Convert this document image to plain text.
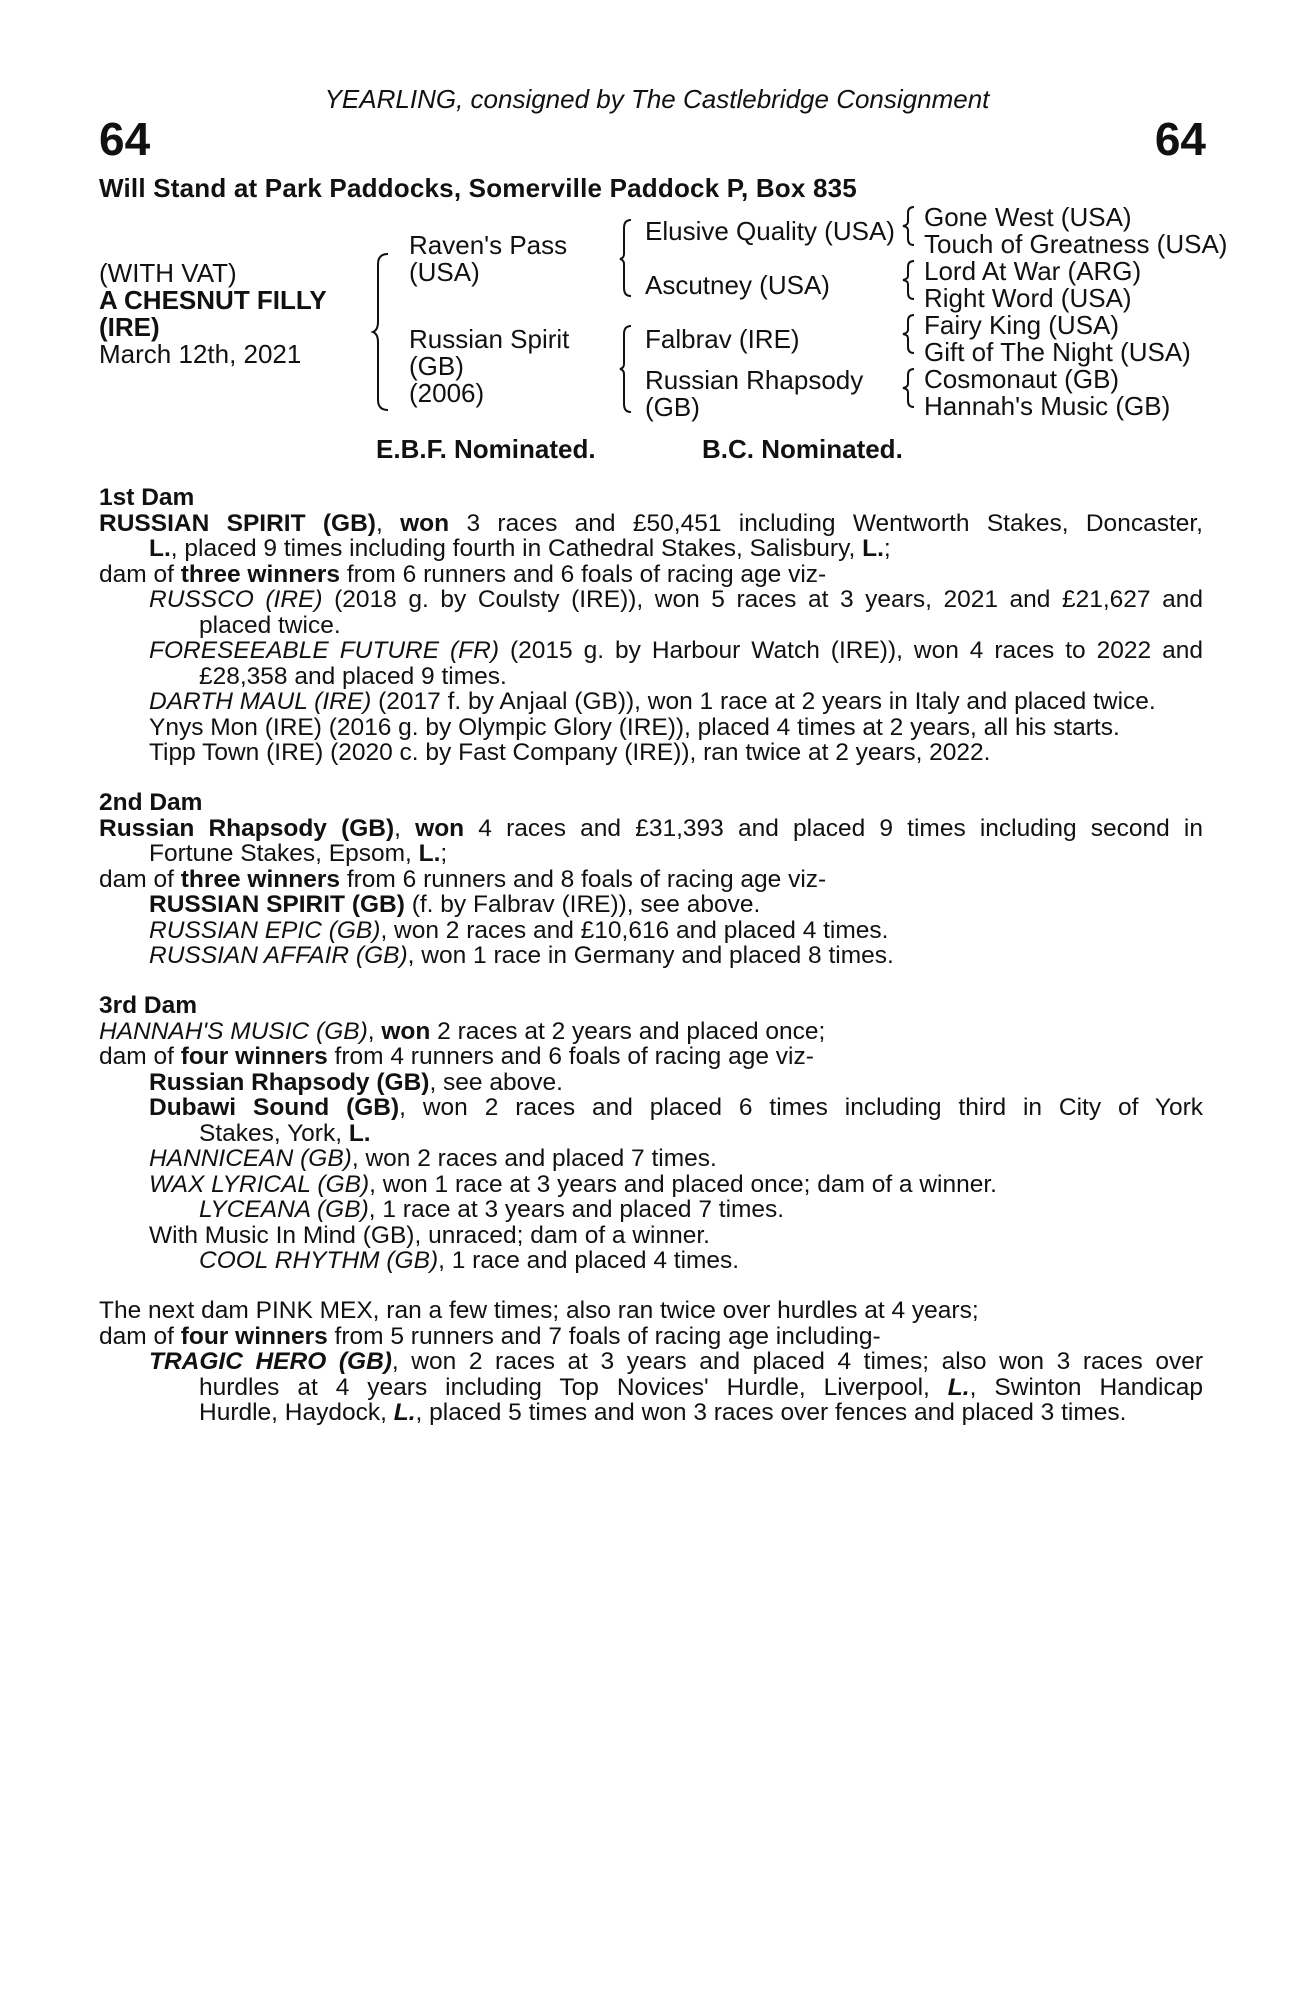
YEARLING, consigned by The Castlebridge Consignment
64	64
Will Stand at Park Paddocks, Somerville Paddock P, Box 835
(WITH VAT)
A CHESNUT FILLY
(IRE)
March 12th, 2021
Raven's Pass
(USA)
Russian Spirit
(GB)
(2006)
Elusive Quality (USA)
Ascutney (USA)
Falbrav (IRE)
Russian Rhapsody
(GB)
Gone West (USA)
Touch of Greatness (USA)
Lord At War (ARG)
Right Word (USA)
Fairy King (USA)
Gift of The Night (USA)
Cosmonaut (GB)
Hannah's Music (GB)
E.B.F. Nominated.	B.C. Nominated.
1st Dam
RUSSIAN SPIRIT (GB), won 3 races and £50,451 including Wentworth Stakes, Doncaster,
L., placed 9 times including fourth in Cathedral Stakes, Salisbury, L.;
dam of three winners from 6 runners and 6 foals of racing age viz-
RUSSCO (IRE) (2018 g. by Coulsty (IRE)), won 5 races at 3 years, 2021 and £21,627 and
placed twice.
FORESEEABLE FUTURE (FR) (2015 g. by Harbour Watch (IRE)), won 4 races to 2022 and
£28,358 and placed 9 times.
DARTH MAUL (IRE) (2017 f. by Anjaal (GB)), won 1 race at 2 years in Italy and placed twice.
Ynys Mon (IRE) (2016 g. by Olympic Glory (IRE)), placed 4 times at 2 years, all his starts.
Tipp Town (IRE) (2020 c. by Fast Company (IRE)), ran twice at 2 years, 2022.
2nd Dam
Russian Rhapsody (GB), won 4 races and £31,393 and placed 9 times including second in
Fortune Stakes, Epsom, L.;
dam of three winners from 6 runners and 8 foals of racing age viz-
RUSSIAN SPIRIT (GB) (f. by Falbrav (IRE)), see above.
RUSSIAN EPIC (GB), won 2 races and £10,616 and placed 4 times.
RUSSIAN AFFAIR (GB), won 1 race in Germany and placed 8 times.
3rd Dam
HANNAH'S MUSIC (GB), won 2 races at 2 years and placed once;
dam of four winners from 4 runners and 6 foals of racing age viz-
Russian Rhapsody (GB), see above.
Dubawi Sound (GB), won 2 races and placed 6 times including third in City of York
Stakes, York, L.
HANNICEAN (GB), won 2 races and placed 7 times.
WAX LYRICAL (GB), won 1 race at 3 years and placed once; dam of a winner.
LYCEANA (GB), 1 race at 3 years and placed 7 times.
With Music In Mind (GB), unraced; dam of a winner.
COOL RHYTHM (GB), 1 race and placed 4 times.
The next dam PINK MEX, ran a few times; also ran twice over hurdles at 4 years;
dam of four winners from 5 runners and 7 foals of racing age including-
TRAGIC HERO (GB), won 2 races at 3 years and placed 4 times; also won 3 races over
hurdles at 4 years including Top Novices' Hurdle, Liverpool, L., Swinton Handicap
Hurdle, Haydock, L., placed 5 times and won 3 races over fences and placed 3 times.
